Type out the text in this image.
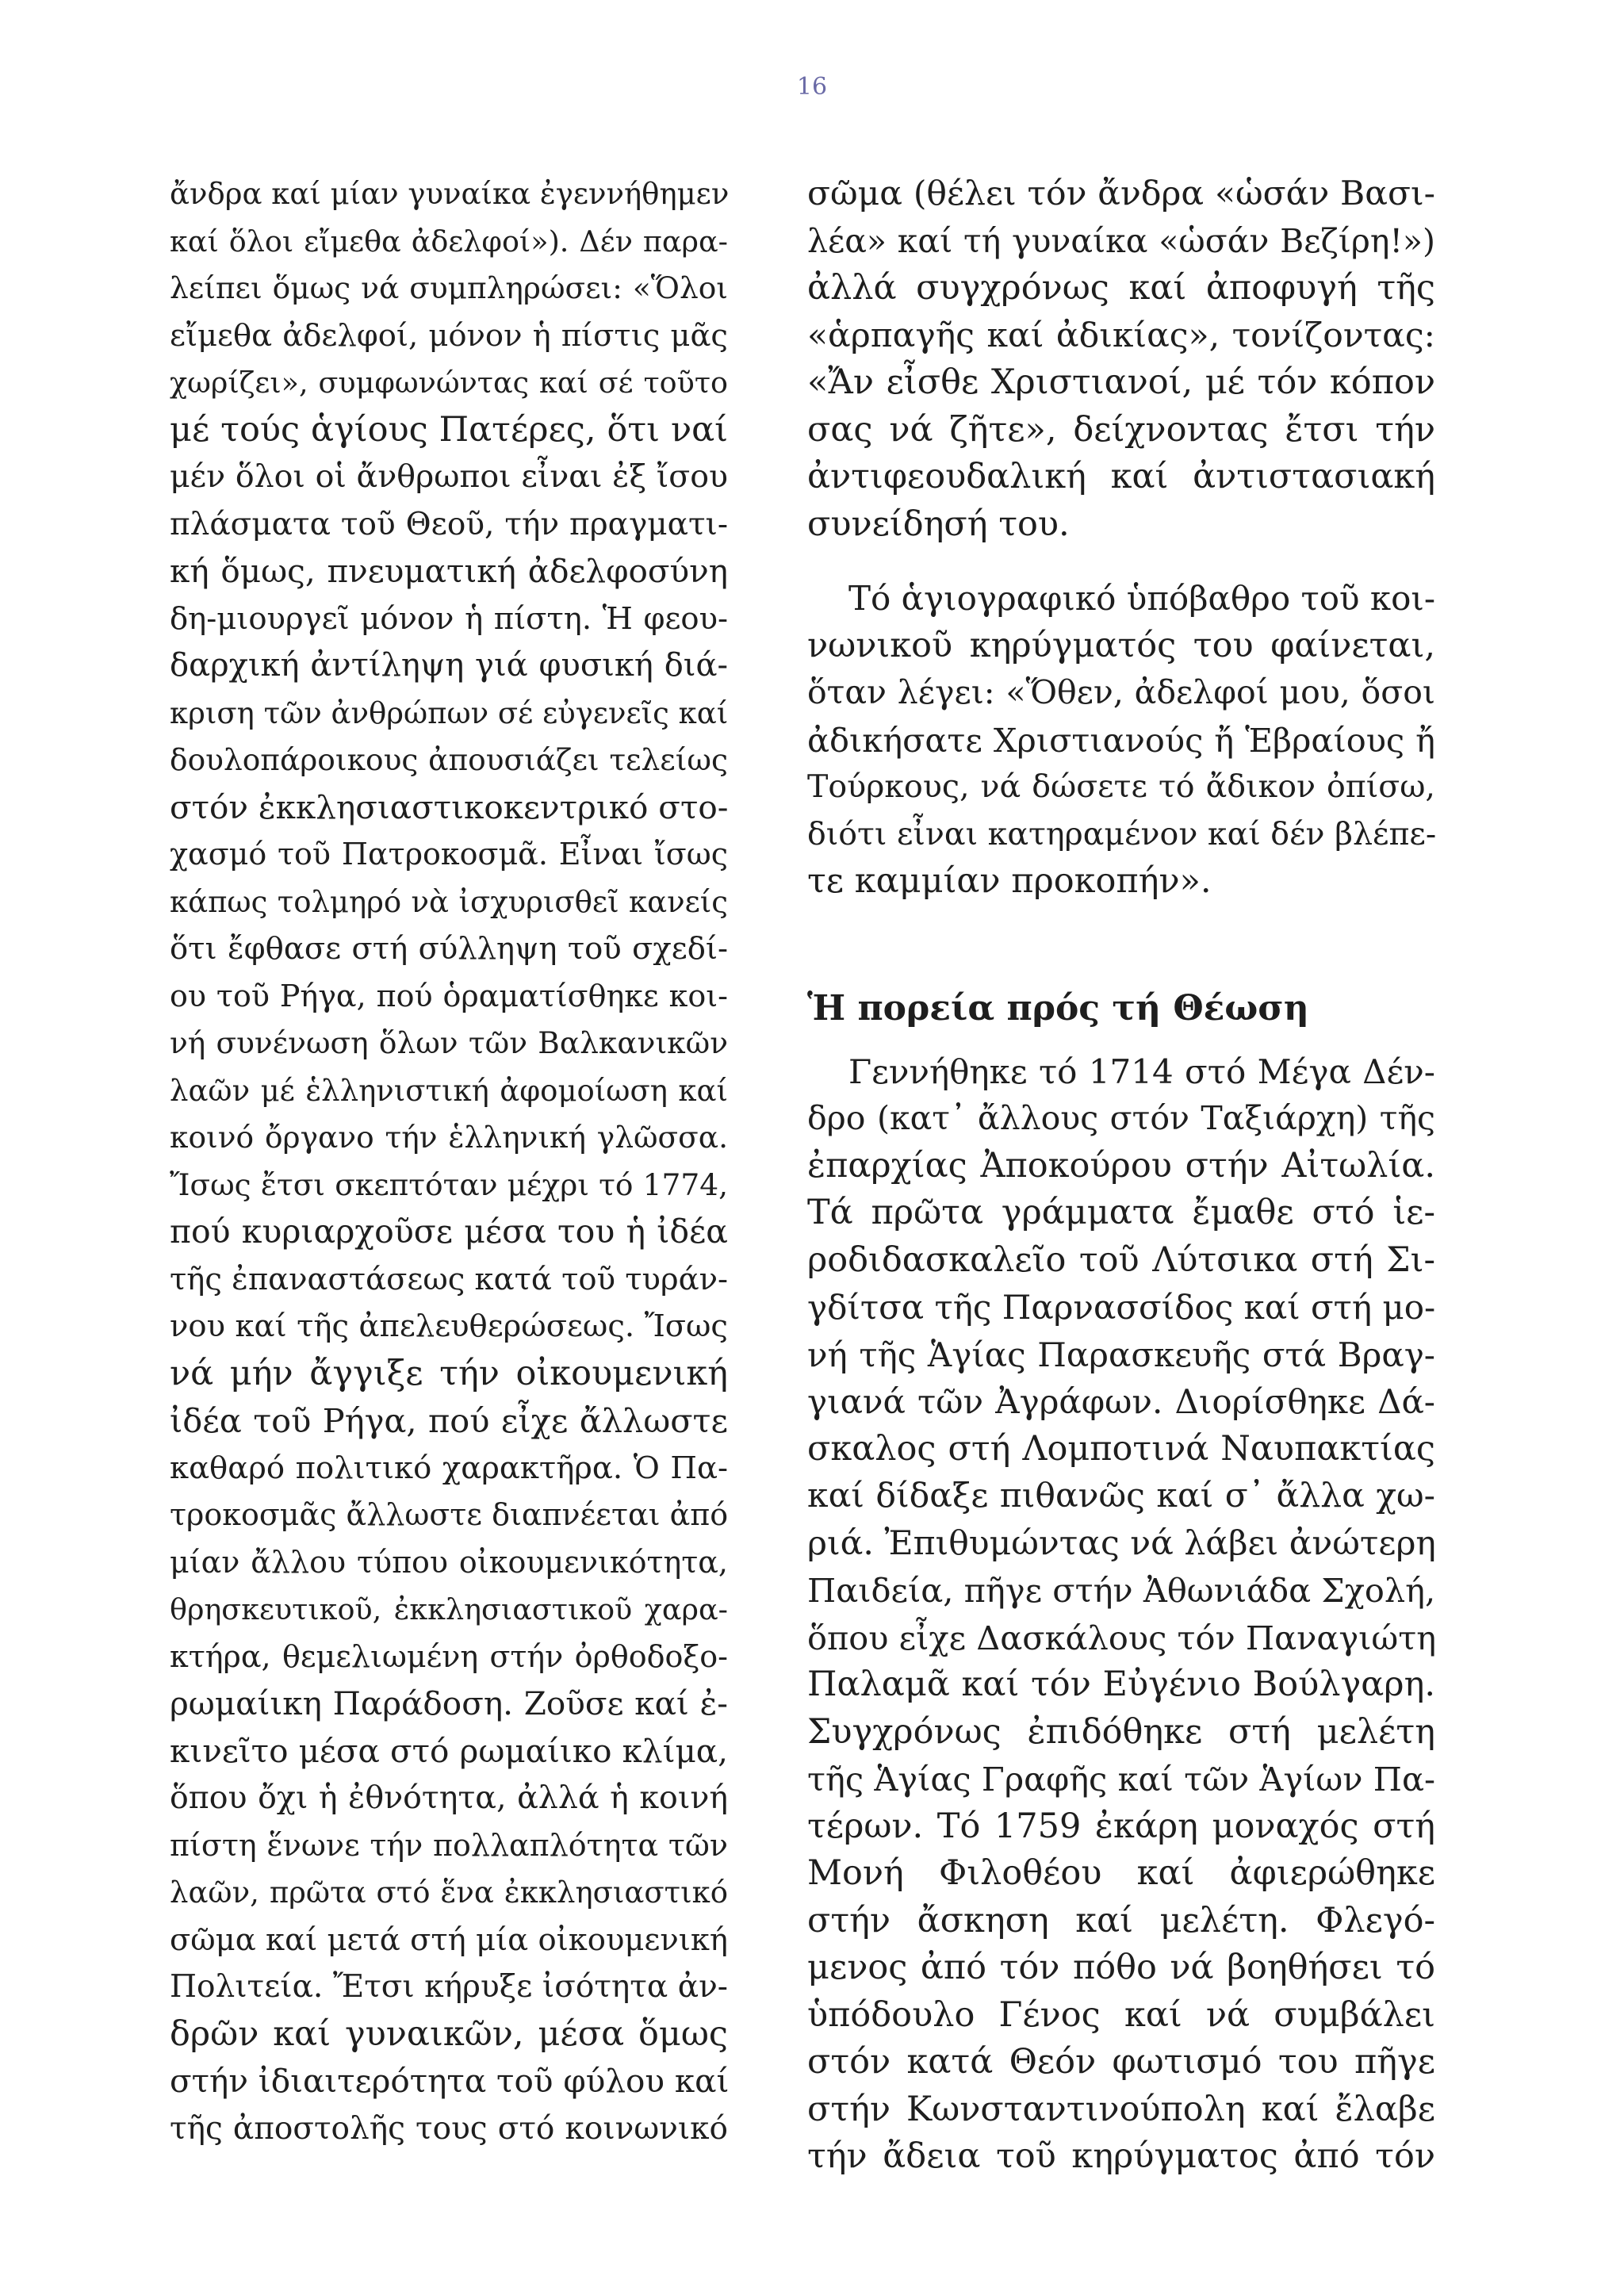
16
ἄνδρα καί μίαν γυναίκα ἐγεννήθημεν
καί ὅλοι εἴμεθα ἀδελφοί»). Δέν παρα-
λείπει ὅμως νά συμπληρώσει: «Ὅλοι
εἴμεθα ἀδελφοί, μόνον ἡ πίστις μᾶς
χωρίζει», συμφωνώντας καί σέ τοῦτο
μέ τούς ἁγίους Πατέρες, ὅτι ναί
μέν ὅλοι οἱ ἄνθρωποι εἶναι ἐξ ἴσου
πλάσματα τοῦ Θεοῦ, τήν πραγματι-
κή ὅμως, πνευματική ἀδελφοσύνη
δη-μιουργεῖ μόνον ἡ πίστη. Ἡ φεου-
δαρχική ἀντίληψη γιά φυσική διά-
κριση τῶν ἀνθρώπων σέ εὐγενεῖς καί
δουλοπάροικους ἀπουσιάζει τελείως
στόν ἐκκλησιαστικοκεντρικό στο-
χασμό τοῦ Πατροκοσμᾶ. Εἶναι ἴσως
κάπως τολμηρό νὰ ἰσχυρισθεῖ κανείς
ὅτι ἔφθασε στή σύλληψη τοῦ σχεδί-
ου τοῦ Ρήγα, πού ὁραματίσθηκε κοι-
νή συνένωση ὅλων τῶν Βαλκανικῶν
λαῶν μέ ἑλληνιστική ἀφομοίωση καί
κοινό ὄργανο τήν ἑλληνική γλῶσσα.
Ἴσως ἔτσι σκεπτόταν μέχρι τό 1774,
πού κυριαρχοῦσε μέσα του ἡ ἰδέα
τῆς ἐπαναστάσεως κατά τοῦ τυράν-
νου καί τῆς ἀπελευθερώσεως. Ἴσως
νά μήν ἄγγιξε τήν οἰκουμενική
ἰδέα τοῦ Ρήγα, πού εἶχε ἄλλωστε
καθαρό πολιτικό χαρακτῆρα. Ὁ Πα-
τροκοσμᾶς ἄλλωστε διαπνέεται ἀπό
μίαν ἄλλου τύπου οἰκουμενικότητα,
θρησκευτικοῦ, ἐκκλησιαστικοῦ χαρα-
κτήρα, θεμελιωμένη στήν ὀρθοδοξο-
ρωμαίικη Παράδοση. Ζοῦσε καί ἐ-
κινεῖτο μέσα στό ρωμαίικο κλίμα,
ὅπου ὄχι ἡ ἐθνότητα, ἀλλά ἡ κοινή
πίστη ἕνωνε τήν πολλαπλότητα τῶν
λαῶν, πρῶτα στό ἕνα ἐκκλησιαστικό
σῶμα καί μετά στή μία οἰκουμενική
Πολιτεία. Ἔτσι κήρυξε ἰσότητα ἀν-
δρῶν καί γυναικῶν, μέσα ὅμως
στήν ἰδιαιτερότητα τοῦ φύλου καί
τῆς ἀποστολῆς τους στό κοινωνικό
σῶμα (θέλει τόν ἄνδρα «ὡσάν Βασι-
λέα» καί τή γυναίκα «ὡσάν Βεζίρη!»)
ἀλλά συγχρόνως καί ἀποφυγή τῆς
«ἁρπαγῆς καί ἀδικίας», τονίζοντας:
«Ἄν εἶσθε Χριστιανοί, μέ τόν κόπον
σας νά ζῆτε», δείχνοντας ἔτσι τήν
ἀντιφεουδαλική καί ἀντιστασιακή
συνείδησή του.
Τό ἁγιογραφικό ὑπόβαθρο τοῦ κοι-
νωνικοῦ κηρύγματός του φαίνεται,
ὅταν λέγει: «Ὅθεν, ἀδελφοί μου, ὅσοι
ἀδικήσατε Χριστιανούς ἤ Ἑβραίους ἤ
Τούρκους, νά δώσετε τό ἄδικον ὀπίσω,
διότι εἶναι κατηραμένον καί δέν βλέπε-
τε καμμίαν προκοπήν».
Ἡ πορεία πρός τή Θέωση
Γεννήθηκε τό 1714 στό Μέγα Δέν-
δρο (κατ᾿ ἄλλους στόν Ταξιάρχη) τῆς
ἐπαρχίας Ἀποκούρου στήν Αἰτωλία.
Τά πρῶτα γράμματα ἔμαθε στό ἱε-
ροδιδασκαλεῖο τοῦ Λύτσικα στή Σι-
γδίτσα τῆς Παρνασσίδος καί στή μο-
νή τῆς Ἁγίας Παρασκευῆς στά Βραγ-
γιανά τῶν Ἀγράφων. Διορίσθηκε Δά-
σκαλος στή Λομποτινά Ναυπακτίας
καί δίδαξε πιθανῶς καί σ᾿ ἄλλα χω-
ριά. Ἐπιθυμώντας νά λάβει ἀνώτερη
Παιδεία, πῆγε στήν Ἀθωνιάδα Σχολή,
ὅπου εἶχε Δασκάλους τόν Παναγιώτη
Παλαμᾶ καί τόν Εὐγένιο Βούλγαρη.
Συγχρόνως ἐπιδόθηκε στή μελέτη
τῆς Ἁγίας Γραφῆς καί τῶν Ἁγίων Πα-
τέρων. Τό 1759 ἐκάρη μοναχός στή
Μονή Φιλοθέου καί ἀφιερώθηκε
στήν ἄσκηση καί μελέτη. Φλεγό-
μενος ἀπό τόν πόθο νά βοηθήσει τό
ὑπόδουλο Γένος καί νά συμβάλει
στόν κατά Θεόν φωτισμό του πῆγε
στήν Κωνσταντινούπολη καί ἔλαβε
τήν ἄδεια τοῦ κηρύγματος ἀπό τόν
